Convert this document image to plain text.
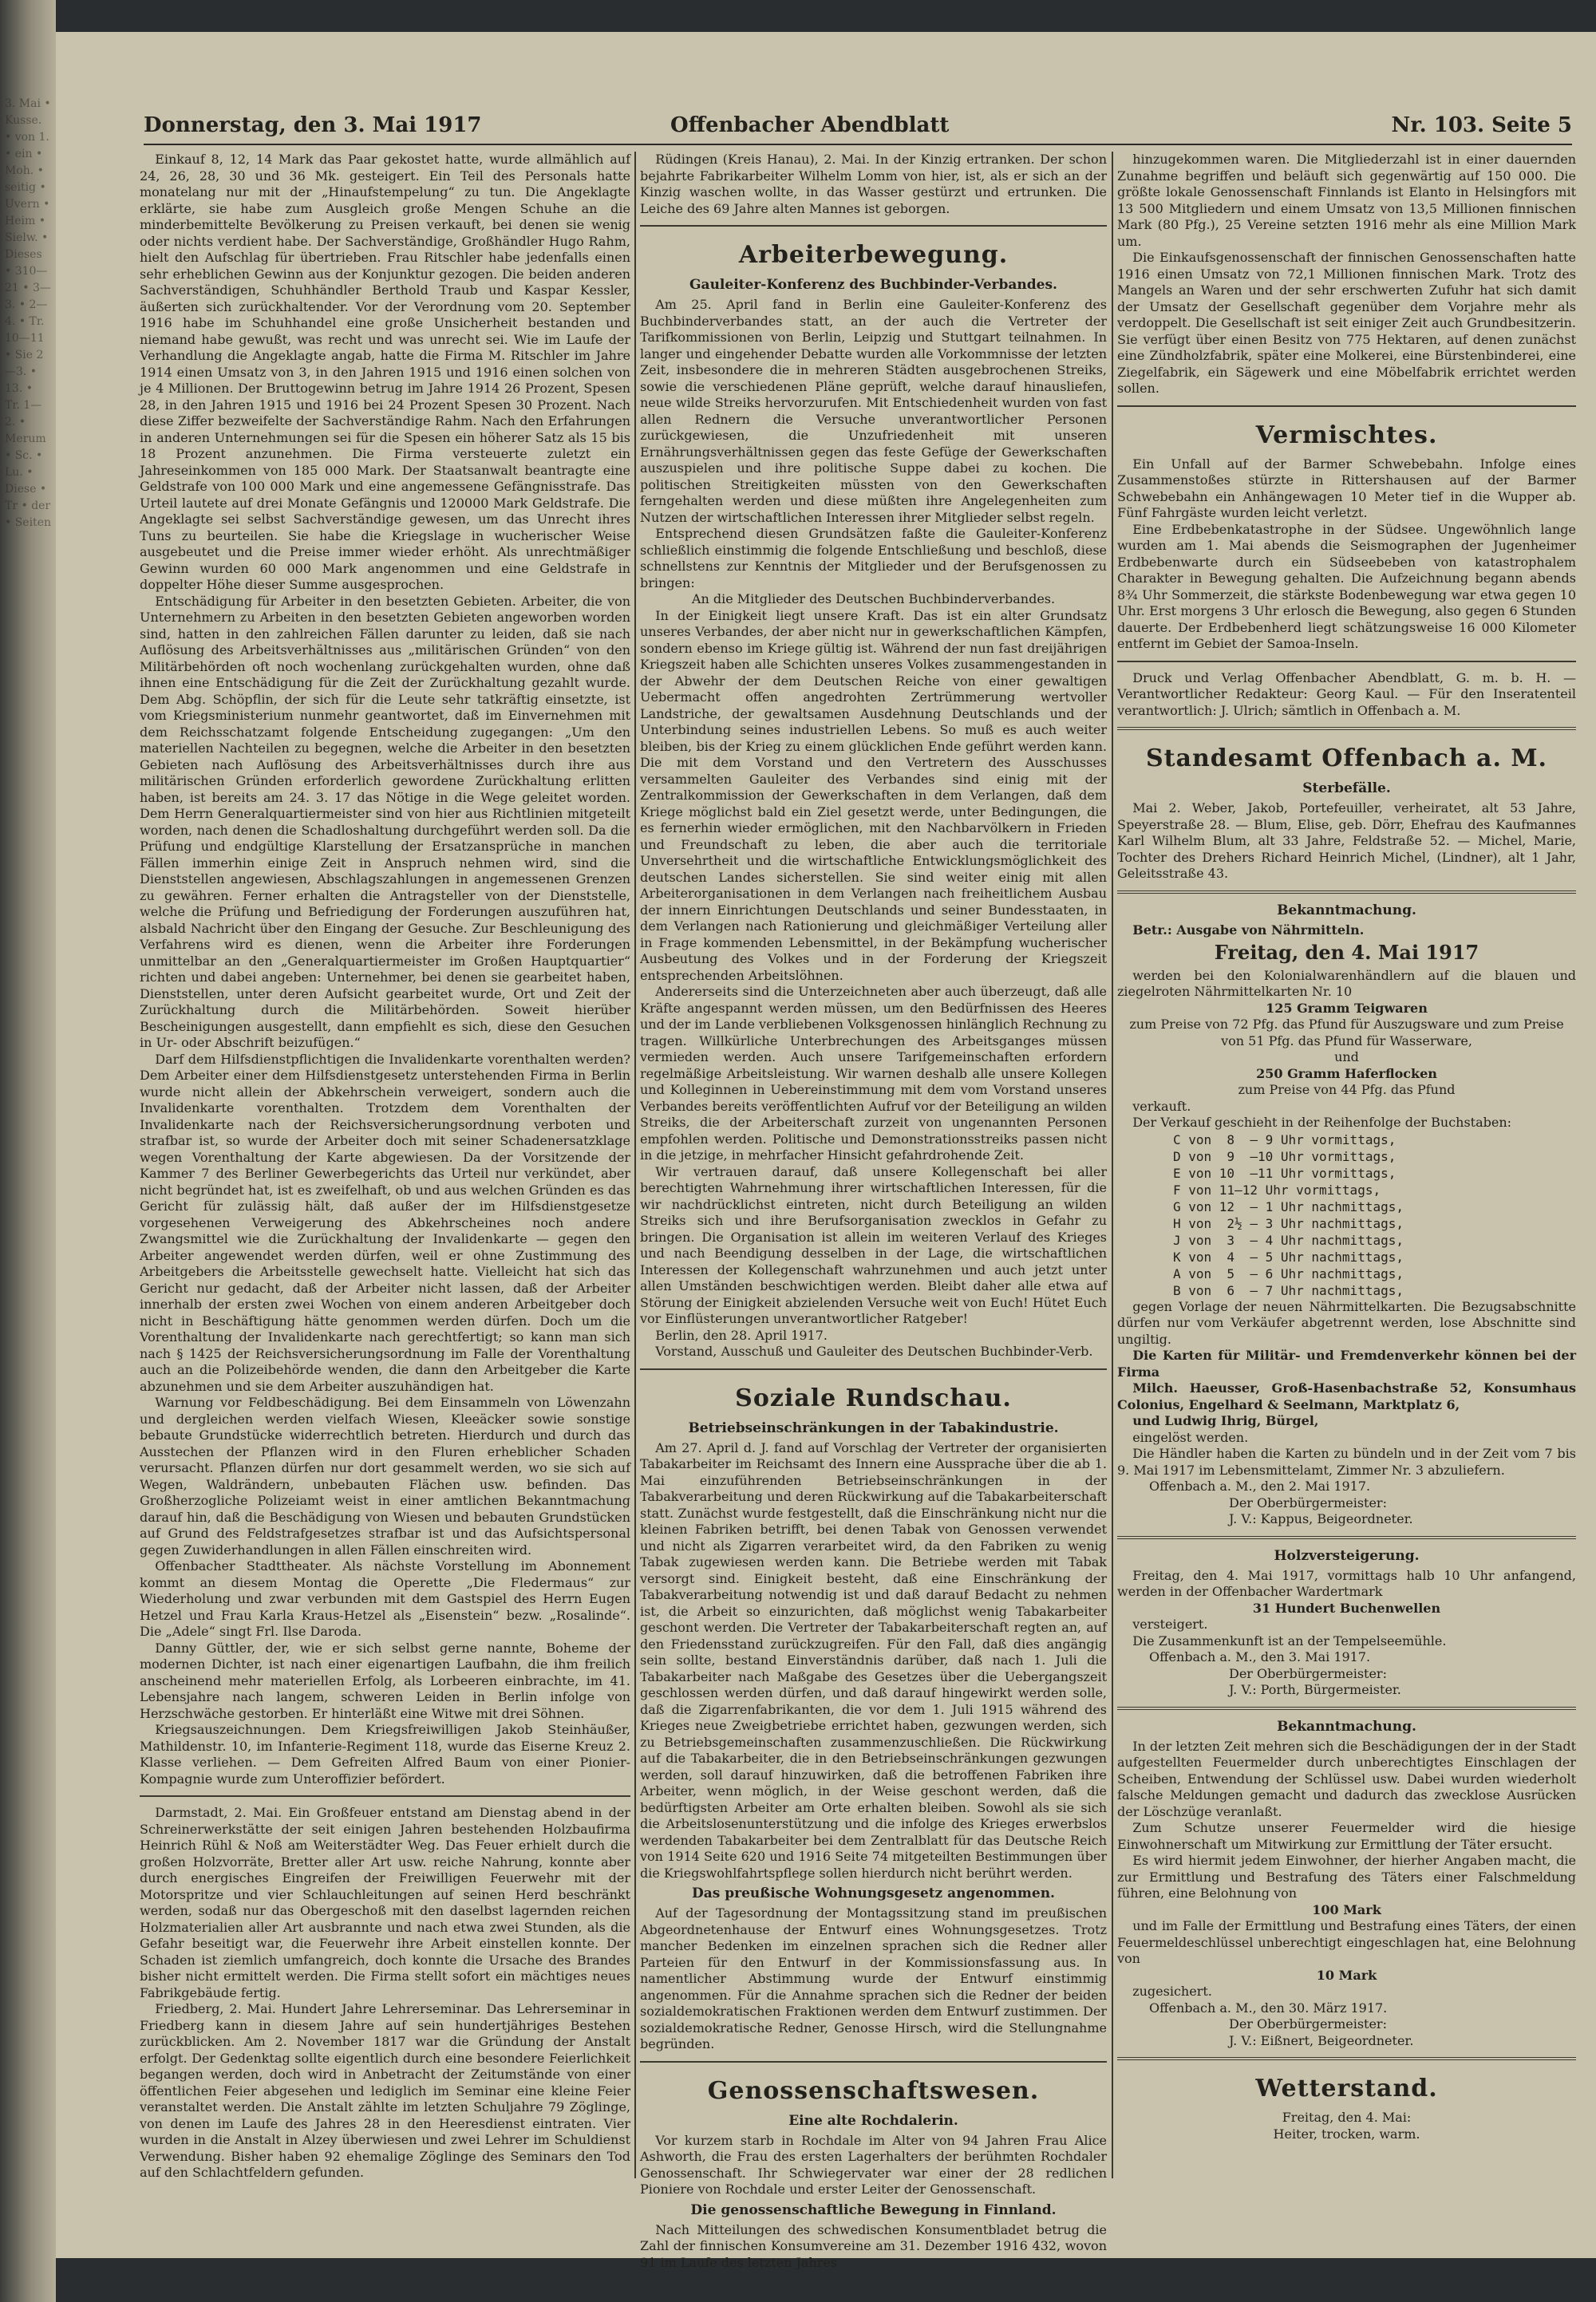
3. Mai • Kusse. • von 1. • ein • Moh. • seitig • Uvern • Heim • Sielw. • Dieses • 310—21 • 3—3. • 2—4. • Tr. 10—11 • Sie 2—3. • 13. • Tr. 1—2. • Merum • Sc. • Lu. • Diese • Tr • der • Seiten
Donnerstag, den 3. Mai 1917	Offenbacher Abendblatt	Nr. 103. Seite 5

Einkauf 8, 12, 14 Mark das Paar gekostet hatte, wurde allmählich auf 24, 26, 28, 30 und 36 Mk. gesteigert. Ein Teil des Personals hatte monatelang nur mit der „Hinaufstempelung“ zu tun. Die Angeklagte erklärte, sie habe zum Ausgleich große Mengen Schuhe an die minderbemittelte Bevölkerung zu Preisen verkauft, bei denen sie wenig oder nichts verdient habe. Der Sachverständige, Großhändler Hugo Rahm, hielt den Aufschlag für übertrieben. Frau Ritschler habe jedenfalls einen sehr erheblichen Gewinn aus der Konjunktur gezogen. Die beiden anderen Sachverständigen, Schuhhändler Berthold Traub und Kaspar Kessler, äußerten sich zurückhaltender. Vor der Verordnung vom 20. September 1916 habe im Schuhhandel eine große Unsicherheit bestanden und niemand habe gewußt, was recht und was unrecht sei. Wie im Laufe der Verhandlung die Angeklagte angab, hatte die Firma M. Ritschler im Jahre 1914 einen Umsatz von 3, in den Jahren 1915 und 1916 einen solchen von je 4 Millionen. Der Bruttogewinn betrug im Jahre 1914 26 Prozent, Spesen 28, in den Jahren 1915 und 1916 bei 24 Prozent Spesen 30 Prozent. Nach diese Ziffer bezweifelte der Sachverständige Rahm. Nach den Erfahrungen in anderen Unternehmungen sei für die Spesen ein höherer Satz als 15 bis 18 Prozent anzunehmen. Die Firma versteuerte zuletzt ein Jahreseinkommen von 185 000 Mark. Der Staatsanwalt beantragte eine Geldstrafe von 100 000 Mark und eine angemessene Gefängnisstrafe. Das Urteil lautete auf drei Monate Gefängnis und 120000 Mark Geldstrafe. Die Angeklagte sei selbst Sachverständige gewesen, um das Unrecht ihres Tuns zu beurteilen. Sie habe die Kriegslage in wucherischer Weise ausgebeutet und die Preise immer wieder erhöht. Als unrechtmäßiger Gewinn wurden 60 000 Mark angenommen und eine Geldstrafe in doppelter Höhe dieser Summe ausgesprochen.

Entschädigung für Arbeiter in den besetzten Gebieten. Arbeiter, die von Unternehmern zu Arbeiten in den besetzten Gebieten angeworben worden sind, hatten in den zahlreichen Fällen darunter zu leiden, daß sie nach Auflösung des Arbeitsverhältnisses aus „militärischen Gründen“ von den Militärbehörden oft noch wochenlang zurückgehalten wurden, ohne daß ihnen eine Entschädigung für die Zeit der Zurückhaltung gezahlt wurde. Dem Abg. Schöpflin, der sich für die Leute sehr tatkräftig einsetzte, ist vom Kriegsministerium nunmehr geantwortet, daß im Einvernehmen mit dem Reichsschatzamt folgende Entscheidung zugegangen: „Um den materiellen Nachteilen zu begegnen, welche die Arbeiter in den besetzten Gebieten nach Auflösung des Arbeitsverhältnisses durch ihre aus militärischen Gründen erforderlich gewordene Zurückhaltung erlitten haben, ist bereits am 24. 3. 17 das Nötige in die Wege geleitet worden. Dem Herrn Generalquartiermeister sind von hier aus Richtlinien mitgeteilt worden, nach denen die Schadloshaltung durchgeführt werden soll. Da die Prüfung und endgültige Klarstellung der Ersatzansprüche in manchen Fällen immerhin einige Zeit in Anspruch nehmen wird, sind die Dienststellen angewiesen, Abschlagszahlungen in angemessenen Grenzen zu gewähren. Ferner erhalten die Antragsteller von der Dienststelle, welche die Prüfung und Befriedigung der Forderungen auszuführen hat, alsbald Nachricht über den Eingang der Gesuche. Zur Beschleunigung des Verfahrens wird es dienen, wenn die Arbeiter ihre Forderungen unmittelbar an den „Generalquartiermeister im Großen Hauptquartier“ richten und dabei angeben: Unternehmer, bei denen sie gearbeitet haben, Dienststellen, unter deren Aufsicht gearbeitet wurde, Ort und Zeit der Zurückhaltung durch die Militärbehörden. Soweit hierüber Bescheinigungen ausgestellt, dann empfiehlt es sich, diese den Gesuchen in Ur- oder Abschrift beizufügen.“

Darf dem Hilfsdienstpflichtigen die Invalidenkarte vorenthalten werden? Dem Arbeiter einer dem Hilfsdienstgesetz unterstehenden Firma in Berlin wurde nicht allein der Abkehrschein verweigert, sondern auch die Invalidenkarte vorenthalten. Trotzdem dem Vorenthalten der Invalidenkarte nach der Reichsversicherungsordnung verboten und strafbar ist, so wurde der Arbeiter doch mit seiner Schadenersatzklage wegen Vorenthaltung der Karte abgewiesen. Da der Vorsitzende der Kammer 7 des Berliner Gewerbegerichts das Urteil nur verkündet, aber nicht begründet hat, ist es zweifelhaft, ob und aus welchen Gründen es das Gericht für zulässig hält, daß außer der im Hilfsdienstgesetze vorgesehenen Verweigerung des Abkehrscheines noch andere Zwangsmittel wie die Zurückhaltung der Invalidenkarte — gegen den Arbeiter angewendet werden dürfen, weil er ohne Zustimmung des Arbeitgebers die Arbeitsstelle gewechselt hatte. Vielleicht hat sich das Gericht nur gedacht, daß der Arbeiter nicht lassen, daß der Arbeiter innerhalb der ersten zwei Wochen von einem anderen Arbeitgeber doch nicht in Beschäftigung hätte genommen werden dürfen. Doch um die Vorenthaltung der Invalidenkarte nach gerechtfertigt; so kann man sich nach § 1425 der Reichsversicherungsordnung im Falle der Vorenthaltung auch an die Polizeibehörde wenden, die dann den Arbeitgeber die Karte abzunehmen und sie dem Arbeiter auszuhändigen hat.

Warnung vor Feldbeschädigung. Bei dem Einsammeln von Löwenzahn und dergleichen werden vielfach Wiesen, Kleeäcker sowie sonstige bebaute Grundstücke widerrechtlich betreten. Hierdurch und durch das Ausstechen der Pflanzen wird in den Fluren erheblicher Schaden verursacht. Pflanzen dürfen nur dort gesammelt werden, wo sie sich auf Wegen, Waldrändern, unbebauten Flächen usw. befinden. Das Großherzogliche Polizeiamt weist in einer amtlichen Bekanntmachung darauf hin, daß die Beschädigung von Wiesen und bebauten Grundstücken auf Grund des Feldstrafgesetzes strafbar ist und das Aufsichtspersonal gegen Zuwiderhandlungen in allen Fällen einschreiten wird.

Offenbacher Stadttheater. Als nächste Vorstellung im Abonnement kommt an diesem Montag die Operette „Die Fledermaus“ zur Wiederholung und zwar verbunden mit dem Gastspiel des Herrn Eugen Hetzel und Frau Karla Kraus-Hetzel als „Eisenstein“ bezw. „Rosalinde“. Die „Adele“ singt Frl. Ilse Daroda.

Danny Güttler, der, wie er sich selbst gerne nannte, Boheme der modernen Dichter, ist nach einer eigenartigen Laufbahn, die ihm freilich anscheinend mehr materiellen Erfolg, als Lorbeeren einbrachte, im 41. Lebensjahre nach langem, schweren Leiden in Berlin infolge von Herzschwäche gestorben. Er hinterläßt eine Witwe mit drei Söhnen.

Kriegsauszeichnungen. Dem Kriegsfreiwilligen Jakob Steinhäußer, Mathildenstr. 10, im Infanterie-Regiment 118, wurde das Eiserne Kreuz 2. Klasse verliehen. — Dem Gefreiten Alfred Baum von einer Pionier-Kompagnie wurde zum Unteroffizier befördert.

Darmstadt, 2. Mai. Ein Großfeuer entstand am Dienstag abend in der Schreinerwerkstätte der seit einigen Jahren bestehenden Holzbaufirma Heinrich Rühl & Noß am Weiterstädter Weg. Das Feuer erhielt durch die großen Holzvorräte, Bretter aller Art usw. reiche Nahrung, konnte aber durch energisches Eingreifen der Freiwilligen Feuerwehr mit der Motorspritze und vier Schlauchleitungen auf seinen Herd beschränkt werden, sodaß nur das Obergeschoß mit den daselbst lagernden reichen Holzmaterialien aller Art ausbrannte und nach etwa zwei Stunden, als die Gefahr beseitigt war, die Feuerwehr ihre Arbeit einstellen konnte. Der Schaden ist ziemlich umfangreich, doch konnte die Ursache des Brandes bisher nicht ermittelt werden. Die Firma stellt sofort ein mächtiges neues Fabrikgebäude fertig.

Friedberg, 2. Mai. Hundert Jahre Lehrerseminar. Das Lehrerseminar in Friedberg kann in diesem Jahre auf sein hundertjähriges Bestehen zurückblicken. Am 2. November 1817 war die Gründung der Anstalt erfolgt. Der Gedenktag sollte eigentlich durch eine besondere Feierlichkeit begangen werden, doch wird in Anbetracht der Zeitumstände von einer öffentlichen Feier abgesehen und lediglich im Seminar eine kleine Feier veranstaltet werden. Die Anstalt zählte im letzten Schuljahre 79 Zöglinge, von denen im Laufe des Jahres 28 in den Heeresdienst eintraten. Vier wurden in die Anstalt in Alzey überwiesen und zwei Lehrer im Schuldienst Verwendung. Bisher haben 92 ehemalige Zöglinge des Seminars den Tod auf den Schlachtfeldern gefunden.

Rüdingen (Kreis Hanau), 2. Mai. In der Kinzig ertranken. Der schon bejahrte Fabrikarbeiter Wilhelm Lomm von hier, ist, als er sich an der Kinzig waschen wollte, in das Wasser gestürzt und ertrunken. Die Leiche des 69 Jahre alten Mannes ist geborgen.

Arbeiterbewegung.
Gauleiter-Konferenz des Buchbinder-Verbandes.

Am 25. April fand in Berlin eine Gauleiter-Konferenz des Buchbinderverbandes statt, an der auch die Vertreter der Tarifkommissionen von Berlin, Leipzig und Stuttgart teilnahmen. In langer und eingehender Debatte wurden alle Vorkommnisse der letzten Zeit, insbesondere die in mehreren Städten ausgebrochenen Streiks, sowie die verschiedenen Pläne geprüft, welche darauf hinausliefen, neue wilde Streiks hervorzurufen. Mit Entschiedenheit wurden von fast allen Rednern die Versuche unverantwortlicher Personen zurückgewiesen, die Unzufriedenheit mit unseren Ernährungsverhältnissen gegen das feste Gefüge der Gewerkschaften auszuspielen und ihre politische Suppe dabei zu kochen. Die politischen Streitigkeiten müssten von den Gewerkschaften ferngehalten werden und diese müßten ihre Angelegenheiten zum Nutzen der wirtschaftlichen Interessen ihrer Mitglieder selbst regeln.

Entsprechend diesen Grundsätzen faßte die Gauleiter-Konferenz schließlich einstimmig die folgende Entschließung und beschloß, diese schnellstens zur Kenntnis der Mitglieder und der Berufsgenossen zu bringen:

An die Mitglieder des Deutschen Buchbinderverbandes.

In der Einigkeit liegt unsere Kraft. Das ist ein alter Grundsatz unseres Verbandes, der aber nicht nur in gewerkschaftlichen Kämpfen, sondern ebenso im Kriege gültig ist. Während der nun fast dreijährigen Kriegszeit haben alle Schichten unseres Volkes zusammengestanden in der Abwehr der dem Deutschen Reiche von einer gewaltigen Uebermacht offen angedrohten Zertrümmerung wertvoller Landstriche, der gewaltsamen Ausdehnung Deutschlands und der Unterbindung seines industriellen Lebens. So muß es auch weiter bleiben, bis der Krieg zu einem glücklichen Ende geführt werden kann. Die mit dem Vorstand und den Vertretern des Ausschusses versammelten Gauleiter des Verbandes sind einig mit der Zentralkommission der Gewerkschaften in dem Verlangen, daß dem Kriege möglichst bald ein Ziel gesetzt werde, unter Bedingungen, die es fernerhin wieder ermöglichen, mit den Nachbarvölkern in Frieden und Freundschaft zu leben, die aber auch die territoriale Unversehrtheit und die wirtschaftliche Entwicklungsmöglichkeit des deutschen Landes sicherstellen. Sie sind weiter einig mit allen Arbeiterorganisationen in dem Verlangen nach freiheitlichem Ausbau der innern Einrichtungen Deutschlands und seiner Bundesstaaten, in dem Verlangen nach Rationierung und gleichmäßiger Verteilung aller in Frage kommenden Lebensmittel, in der Bekämpfung wucherischer Ausbeutung des Volkes und in der Forderung der Kriegszeit entsprechenden Arbeitslöhnen.

Andererseits sind die Unterzeichneten aber auch überzeugt, daß alle Kräfte angespannt werden müssen, um den Bedürfnissen des Heeres und der im Lande verbliebenen Volksgenossen hinlänglich Rechnung zu tragen. Willkürliche Unterbrechungen des Arbeitsganges müssen vermieden werden. Auch unsere Tarifgemeinschaften erfordern regelmäßige Arbeitsleistung. Wir warnen deshalb alle unsere Kollegen und Kolleginnen in Uebereinstimmung mit dem vom Vorstand unseres Verbandes bereits veröffentlichten Aufruf vor der Beteiligung an wilden Streiks, die der Arbeiterschaft zurzeit von ungenannten Personen empfohlen werden. Politische und Demonstrationsstreiks passen nicht in die jetzige, in mehrfacher Hinsicht gefahrdrohende Zeit.

Wir vertrauen darauf, daß unsere Kollegenschaft bei aller berechtigten Wahrnehmung ihrer wirtschaftlichen Interessen, für die wir nachdrücklichst eintreten, nicht durch Beteiligung an wilden Streiks sich und ihre Berufsorganisation zwecklos in Gefahr zu bringen. Die Organisation ist allein im weiteren Verlauf des Krieges und nach Beendigung desselben in der Lage, die wirtschaftlichen Interessen der Kollegenschaft wahrzunehmen und auch jetzt unter allen Umständen beschwichtigen werden. Bleibt daher alle etwa auf Störung der Einigkeit abzielenden Versuche weit von Euch! Hütet Euch vor Einflüsterungen unverantwortlicher Ratgeber!

Berlin, den 28. April 1917.

Vorstand, Ausschuß und Gauleiter des Deutschen Buchbinder-Verb.

Soziale Rundschau.
Betriebseinschränkungen in der Tabakindustrie.

Am 27. April d. J. fand auf Vorschlag der Vertreter der organisierten Tabakarbeiter im Reichsamt des Innern eine Aussprache über die ab 1. Mai einzuführenden Betriebseinschränkungen in der Tabakverarbeitung und deren Rückwirkung auf die Tabakarbeiterschaft statt. Zunächst wurde festgestellt, daß die Einschränkung nicht nur die kleinen Fabriken betrifft, bei denen Tabak von Genossen verwendet und nicht als Zigarren verarbeitet wird, da den Fabriken zu wenig Tabak zugewiesen werden kann. Die Betriebe werden mit Tabak versorgt sind. Einigkeit besteht, daß eine Einschränkung der Tabakverarbeitung notwendig ist und daß darauf Bedacht zu nehmen ist, die Arbeit so einzurichten, daß möglichst wenig Tabakarbeiter geschont werden. Die Vertreter der Tabakarbeiterschaft regten an, auf den Friedensstand zurückzugreifen. Für den Fall, daß dies angängig sein sollte, bestand Einverständnis darüber, daß nach 1. Juli die Tabakarbeiter nach Maßgabe des Gesetzes über die Uebergangszeit geschlossen werden dürfen, und daß darauf hingewirkt werden solle, daß die Zigarrenfabrikanten, die vor dem 1. Juli 1915 während des Krieges neue Zweigbetriebe errichtet haben, gezwungen werden, sich zu Betriebsgemeinschaften zusammenzuschließen. Die Rückwirkung auf die Tabakarbeiter, die in den Betriebseinschränkungen gezwungen werden, soll darauf hinzuwirken, daß die betroffenen Fabriken ihre Arbeiter, wenn möglich, in der Weise geschont werden, daß die bedürftigsten Arbeiter am Orte erhalten bleiben. Sowohl als sie sich die Arbeitslosenunterstützung und die infolge des Krieges erwerbslos werdenden Tabakarbeiter bei dem Zentralblatt für das Deutsche Reich von 1914 Seite 620 und 1916 Seite 74 mitgeteilten Bestimmungen über die Kriegswohlfahrtspflege sollen hierdurch nicht berührt werden.

Das preußische Wohnungsgesetz angenommen.

Auf der Tagesordnung der Montagssitzung stand im preußischen Abgeordnetenhause der Entwurf eines Wohnungsgesetzes. Trotz mancher Bedenken im einzelnen sprachen sich die Redner aller Parteien für den Entwurf in der Kommissionsfassung aus. In namentlicher Abstimmung wurde der Entwurf einstimmig angenommen. Für die Annahme sprachen sich die Redner der beiden sozialdemokratischen Fraktionen werden dem Entwurf zustimmen. Der sozialdemokratische Redner, Genosse Hirsch, wird die Stellungnahme begründen.

Genossenschaftswesen.
Eine alte Rochdalerin.

Vor kurzem starb in Rochdale im Alter von 94 Jahren Frau Alice Ashworth, die Frau des ersten Lagerhalters der berühmten Rochdaler Genossenschaft. Ihr Schwiegervater war einer der 28 redlichen Pioniere von Rochdale und erster Leiter der Genossenschaft.

Die genossenschaftliche Bewegung in Finnland.

Nach Mitteilungen des schwedischen Konsumentbladet betrug die Zahl der finnischen Konsumvereine am 31. Dezember 1916 432, wovon 91 im Laufe des letzten Jahres

hinzugekommen waren. Die Mitgliederzahl ist in einer dauernden Zunahme begriffen und beläuft sich gegenwärtig auf 150 000. Die größte lokale Genossenschaft Finnlands ist Elanto in Helsingfors mit 13 500 Mitgliedern und einem Umsatz von 13,5 Millionen finnischen Mark (80 Pfg.), 25 Vereine setzten 1916 mehr als eine Million Mark um.

Die Einkaufsgenossenschaft der finnischen Genossenschaften hatte 1916 einen Umsatz von 72,1 Millionen finnischen Mark. Trotz des Mangels an Waren und der sehr erschwerten Zufuhr hat sich damit der Umsatz der Gesellschaft gegenüber dem Vorjahre mehr als verdoppelt. Die Gesellschaft ist seit einiger Zeit auch Grundbesitzerin. Sie verfügt über einen Besitz von 775 Hektaren, auf denen zunächst eine Zündholzfabrik, später eine Molkerei, eine Bürstenbinderei, eine Ziegelfabrik, ein Sägewerk und eine Möbelfabrik errichtet werden sollen.

Vermischtes.

Ein Unfall auf der Barmer Schwebebahn. Infolge eines Zusammenstoßes stürzte in Rittershausen auf der Barmer Schwebebahn ein Anhängewagen 10 Meter tief in die Wupper ab. Fünf Fahrgäste wurden leicht verletzt.

Eine Erdbebenkatastrophe in der Südsee. Ungewöhnlich lange wurden am 1. Mai abends die Seismographen der Jugenheimer Erdbebenwarte durch ein Südseebeben von katastrophalem Charakter in Bewegung gehalten. Die Aufzeichnung begann abends 8¾ Uhr Sommerzeit, die stärkste Bodenbewegung war etwa gegen 10 Uhr. Erst morgens 3 Uhr erlosch die Bewegung, also gegen 6 Stunden dauerte. Der Erdbebenherd liegt schätzungsweise 16 000 Kilometer entfernt im Gebiet der Samoa-Inseln.

Druck und Verlag Offenbacher Abendblatt, G. m. b. H. — Verantwortlicher Redakteur: Georg Kaul. — Für den Inseratenteil verantwortlich: J. Ulrich; sämtlich in Offenbach a. M.

Standesamt Offenbach a. M.
Sterbefälle.

Mai 2. Weber, Jakob, Portefeuiller, verheiratet, alt 53 Jahre, Speyerstraße 28. — Blum, Elise, geb. Dörr, Ehefrau des Kaufmannes Karl Wilhelm Blum, alt 33 Jahre, Feldstraße 52. — Michel, Marie, Tochter des Drehers Richard Heinrich Michel, (Lindner), alt 1 Jahr, Geleitsstraße 43.

Bekanntmachung.

Betr.: Ausgabe von Nährmitteln.

Freitag, den 4. Mai 1917

werden bei den Kolonialwarenhändlern auf die blauen und ziegelroten Nährmittelkarten Nr. 10

125 Gramm Teigwaren

zum Preise von 72 Pfg. das Pfund für Auszugsware und zum Preise von 51 Pfg. das Pfund für Wasserware,

und

250 Gramm Haferflocken

zum Preise von 44 Pfg. das Pfund

verkauft.

Der Verkauf geschieht in der Reihenfolge der Buchstaben:

C von  8  — 9 Uhr vormittags,
D von  9  —10 Uhr vormittags,
E von 10  —11 Uhr vormittags,
F von 11—12 Uhr vormittags,
G von 12  — 1 Uhr nachmittags,
H von  2½ — 3 Uhr nachmittags,
J von  3  — 4 Uhr nachmittags,
K von  4  — 5 Uhr nachmittags,
A von  5  — 6 Uhr nachmittags,
B von  6  — 7 Uhr nachmittags,

gegen Vorlage der neuen Nährmittelkarten. Die Bezugsabschnitte dürfen nur vom Verkäufer abgetrennt werden, lose Abschnitte sind ungiltig.

Die Karten für Militär- und Fremdenverkehr können bei der Firma

Milch. Haeusser, Groß-Hasenbachstraße 52, Konsumhaus Colonius, Engelhard & Seelmann, Marktplatz 6,

und Ludwig Ihrig, Bürgel,

eingelöst werden.

Die Händler haben die Karten zu bündeln und in der Zeit vom 7 bis 9. Mai 1917 im Lebensmittelamt, Zimmer Nr. 3 abzuliefern.

Offenbach a. M., den 2. Mai 1917.

Der Oberbürgermeister:

J. V.: Kappus, Beigeordneter.

Holzversteigerung.

Freitag, den 4. Mai 1917, vormittags halb 10 Uhr anfangend, werden in der Offenbacher Wardertmark

31 Hundert Buchenwellen

versteigert.

Die Zusammenkunft ist an der Tempelseemühle.

Offenbach a. M., den 3. Mai 1917.

Der Oberbürgermeister:

J. V.: Porth, Bürgermeister.

Bekanntmachung.

In der letzten Zeit mehren sich die Beschädigungen der in der Stadt aufgestellten Feuermelder durch unberechtigtes Einschlagen der Scheiben, Entwendung der Schlüssel usw. Dabei wurden wiederholt falsche Meldungen gemacht und dadurch das zwecklose Ausrücken der Löschzüge veranlaßt.

Zum Schutze unserer Feuermelder wird die hiesige Einwohnerschaft um Mitwirkung zur Ermittlung der Täter ersucht.

Es wird hiermit jedem Einwohner, der hierher Angaben macht, die zur Ermittlung und Bestrafung des Täters einer Falschmeldung führen, eine Belohnung von

100 Mark

und im Falle der Ermittlung und Bestrafung eines Täters, der einen Feuermeldeschlüssel unberechtigt eingeschlagen hat, eine Belohnung von

10 Mark

zugesichert.

Offenbach a. M., den 30. März 1917.

Der Oberbürgermeister:

J. V.: Eißnert, Beigeordneter.

Wetterstand.

Freitag, den 4. Mai:

Heiter, trocken, warm.
